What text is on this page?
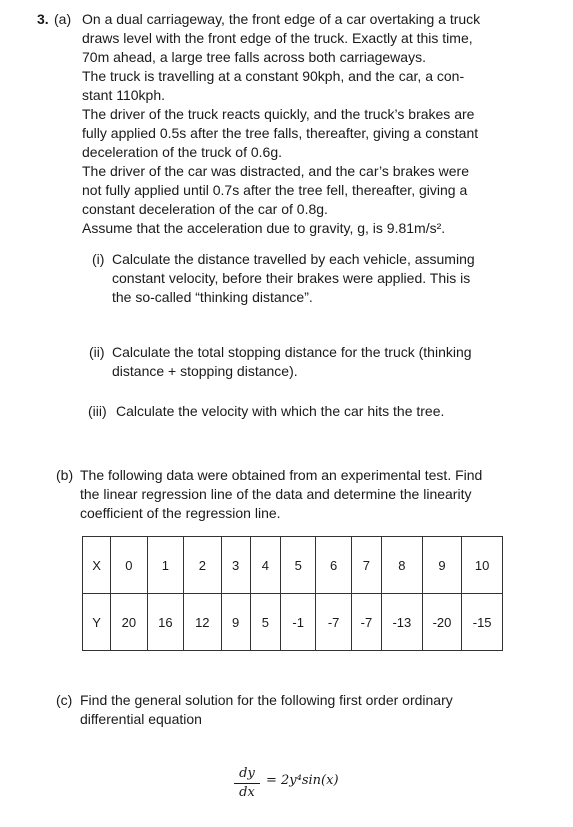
3. (a) On a dual carriageway, the front edge of a car overtaking a truck
draws level with the front edge of the truck. Exactly at this time,
70m ahead, a large tree falls across both carriageways.
The truck is travelling at a constant 90kph, and the car, a con-
stant 110kph.
The driver of the truck reacts quickly, and the truck’s brakes are
fully applied 0.5s after the tree falls, thereafter, giving a constant
deceleration of the truck of 0.6g.
The driver of the car was distracted, and the car’s brakes were
not fully applied until 0.7s after the tree fell, thereafter, giving a
constant deceleration of the car of 0.8g.
Assume that the acceleration due to gravity, g, is 9.81m/s².
(i) Calculate the distance travelled by each vehicle, assuming
constant velocity, before their brakes were applied. This is
the so-called “thinking distance”.
(ii) Calculate the total stopping distance for the truck (thinking
distance + stopping distance).
(iii) Calculate the velocity with which the car hits the tree.
(b) The following data were obtained from an experimental test. Find
the linear regression line of the data and determine the linearity
coefficient of the regression line.
X	0	1	2	3	4	5	6	7	8	9	10
Y	20	16	12	9	5	-1	-7	-7	-13	-20	-15
(c) Find the general solution for the following first order ordinary
differential equation
dy
dx
= 2y⁴sin(x)
